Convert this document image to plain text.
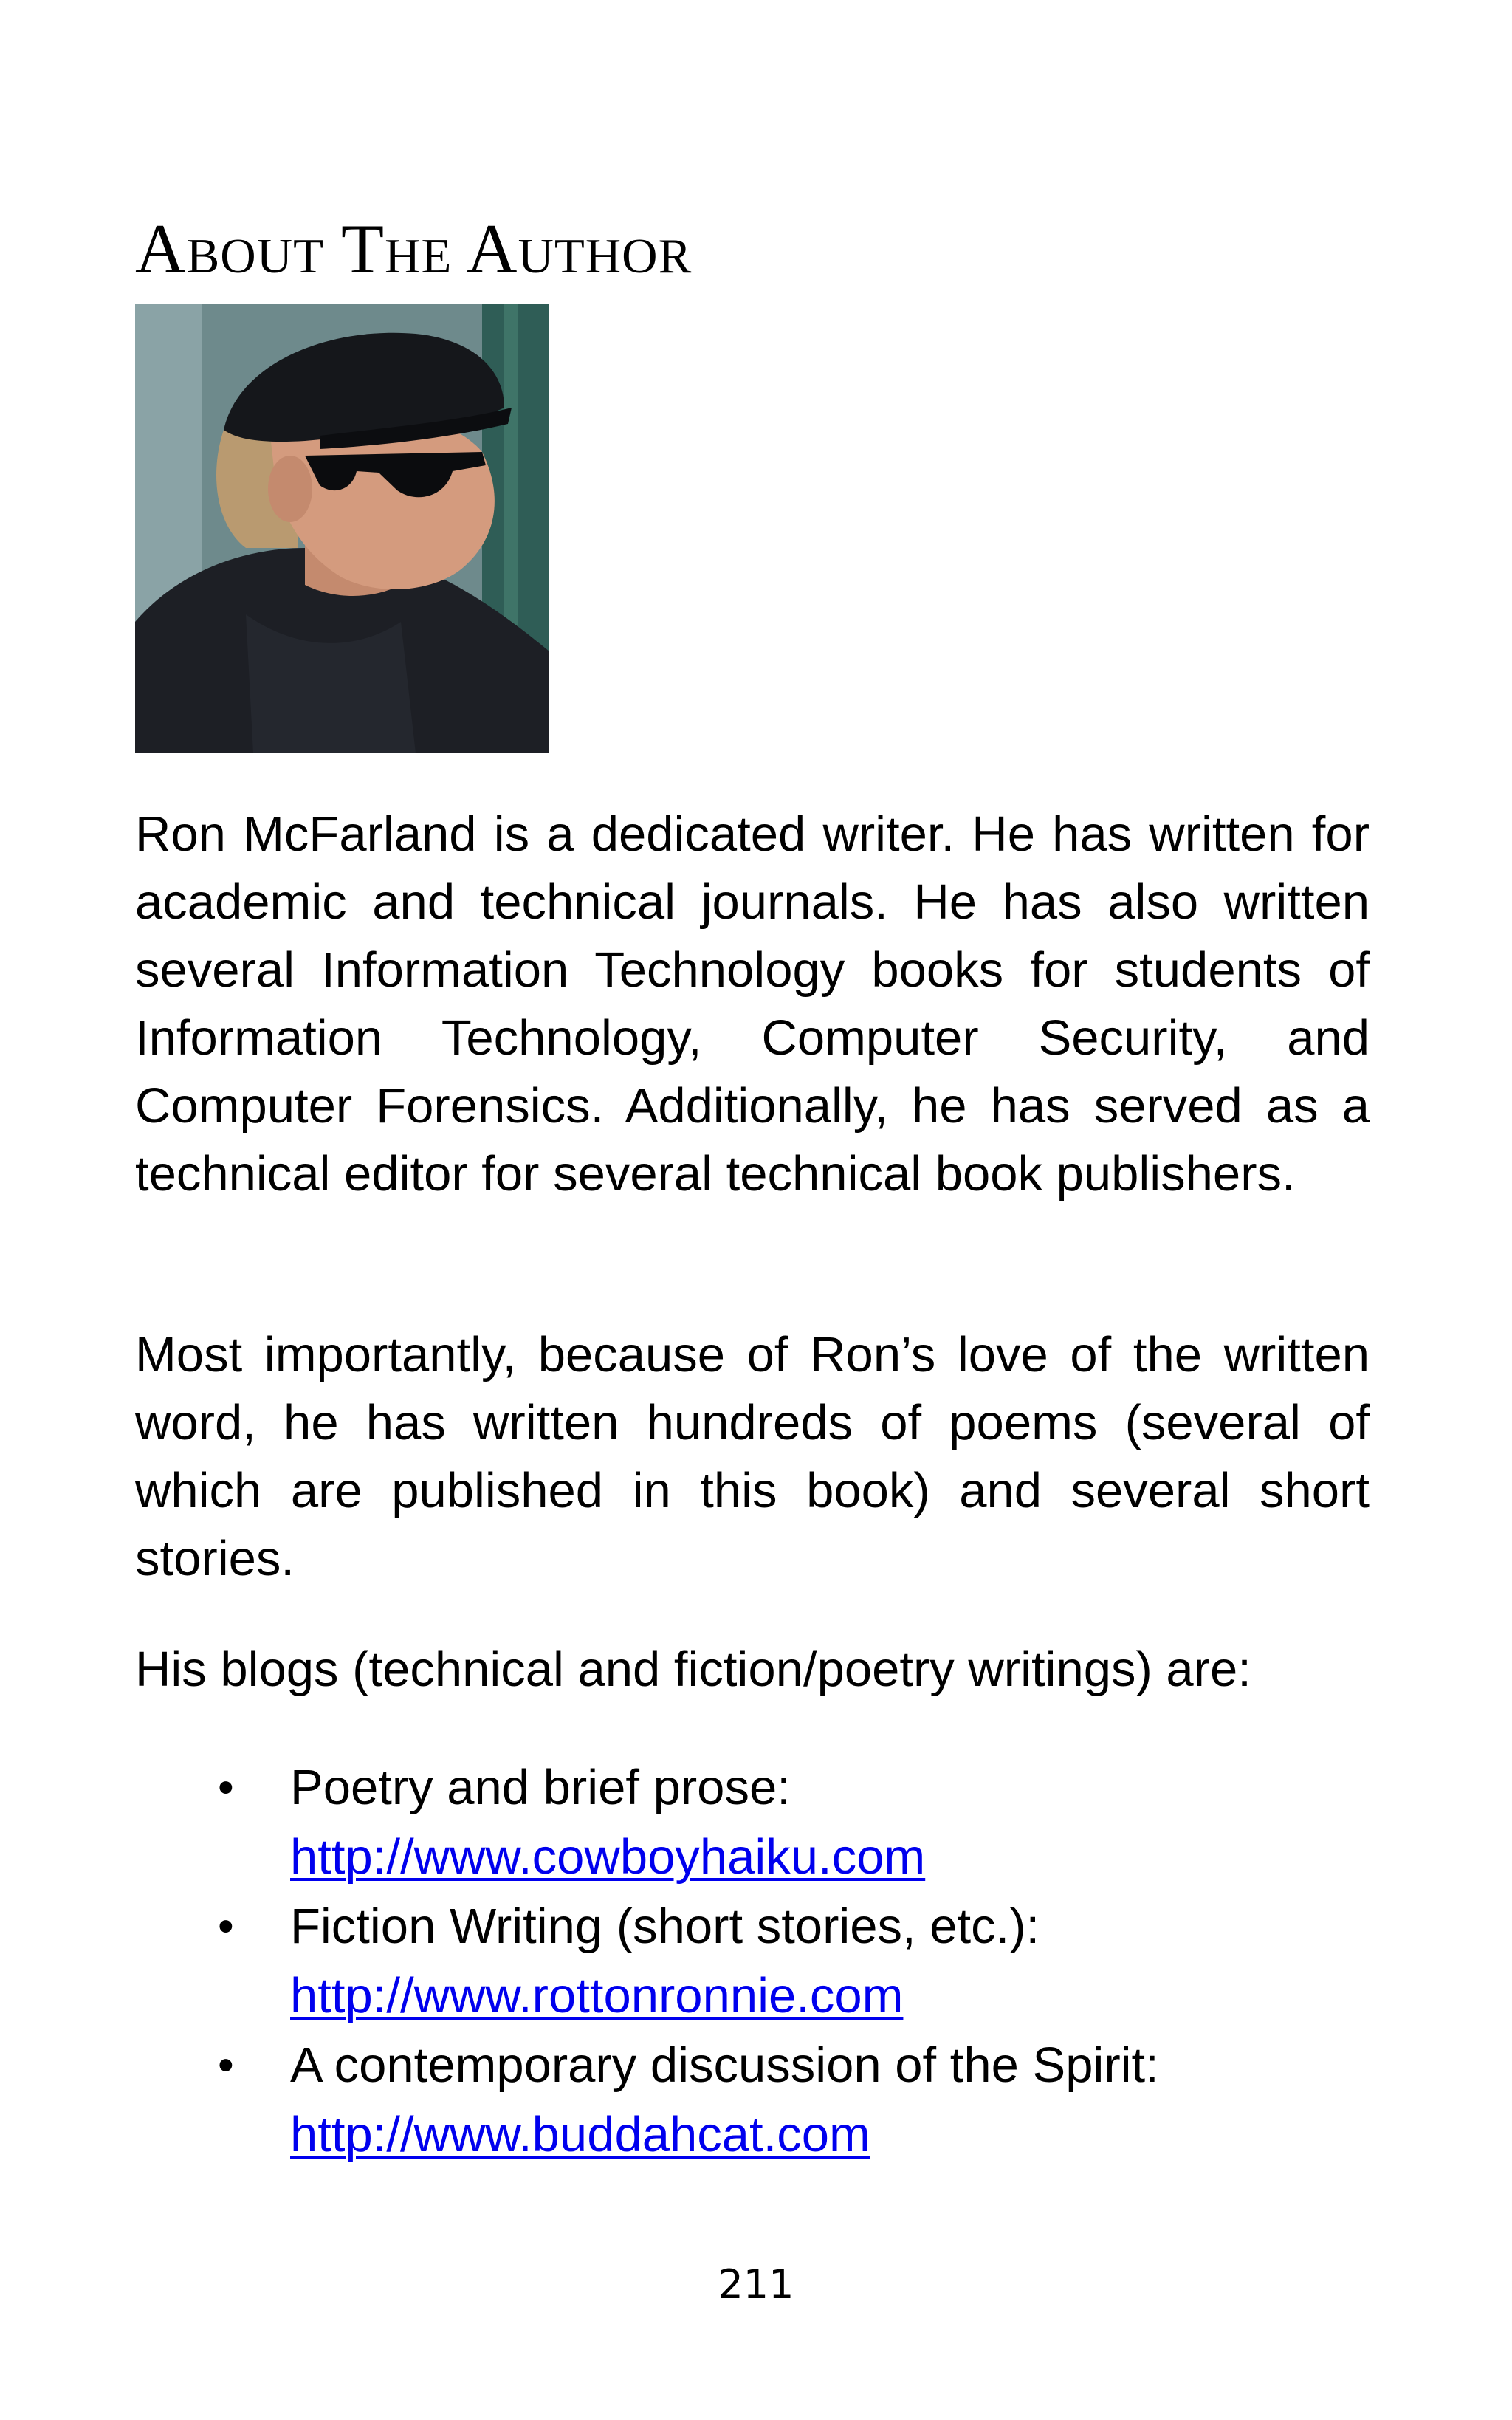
About The Author

Ron McFarland is a dedicated writer. He has written for academic and technical journals. He has also written several Information Technology books for students of Information Technology, Computer Security, and Computer Forensics. Additionally, he has served as a technical editor for several technical book publishers.

Most importantly, because of Ron’s love of the written word, he has written hundreds of poems (several of which are published in this book) and several short stories.

His blogs (technical and fiction/poetry writings) are:

• Poetry and brief prose:
http://www.cowboyhaiku.com
• Fiction Writing (short stories, etc.):
http://www.rottonronnie.com
• A contemporary discussion of the Spirit:
http://www.buddahcat.com
211
